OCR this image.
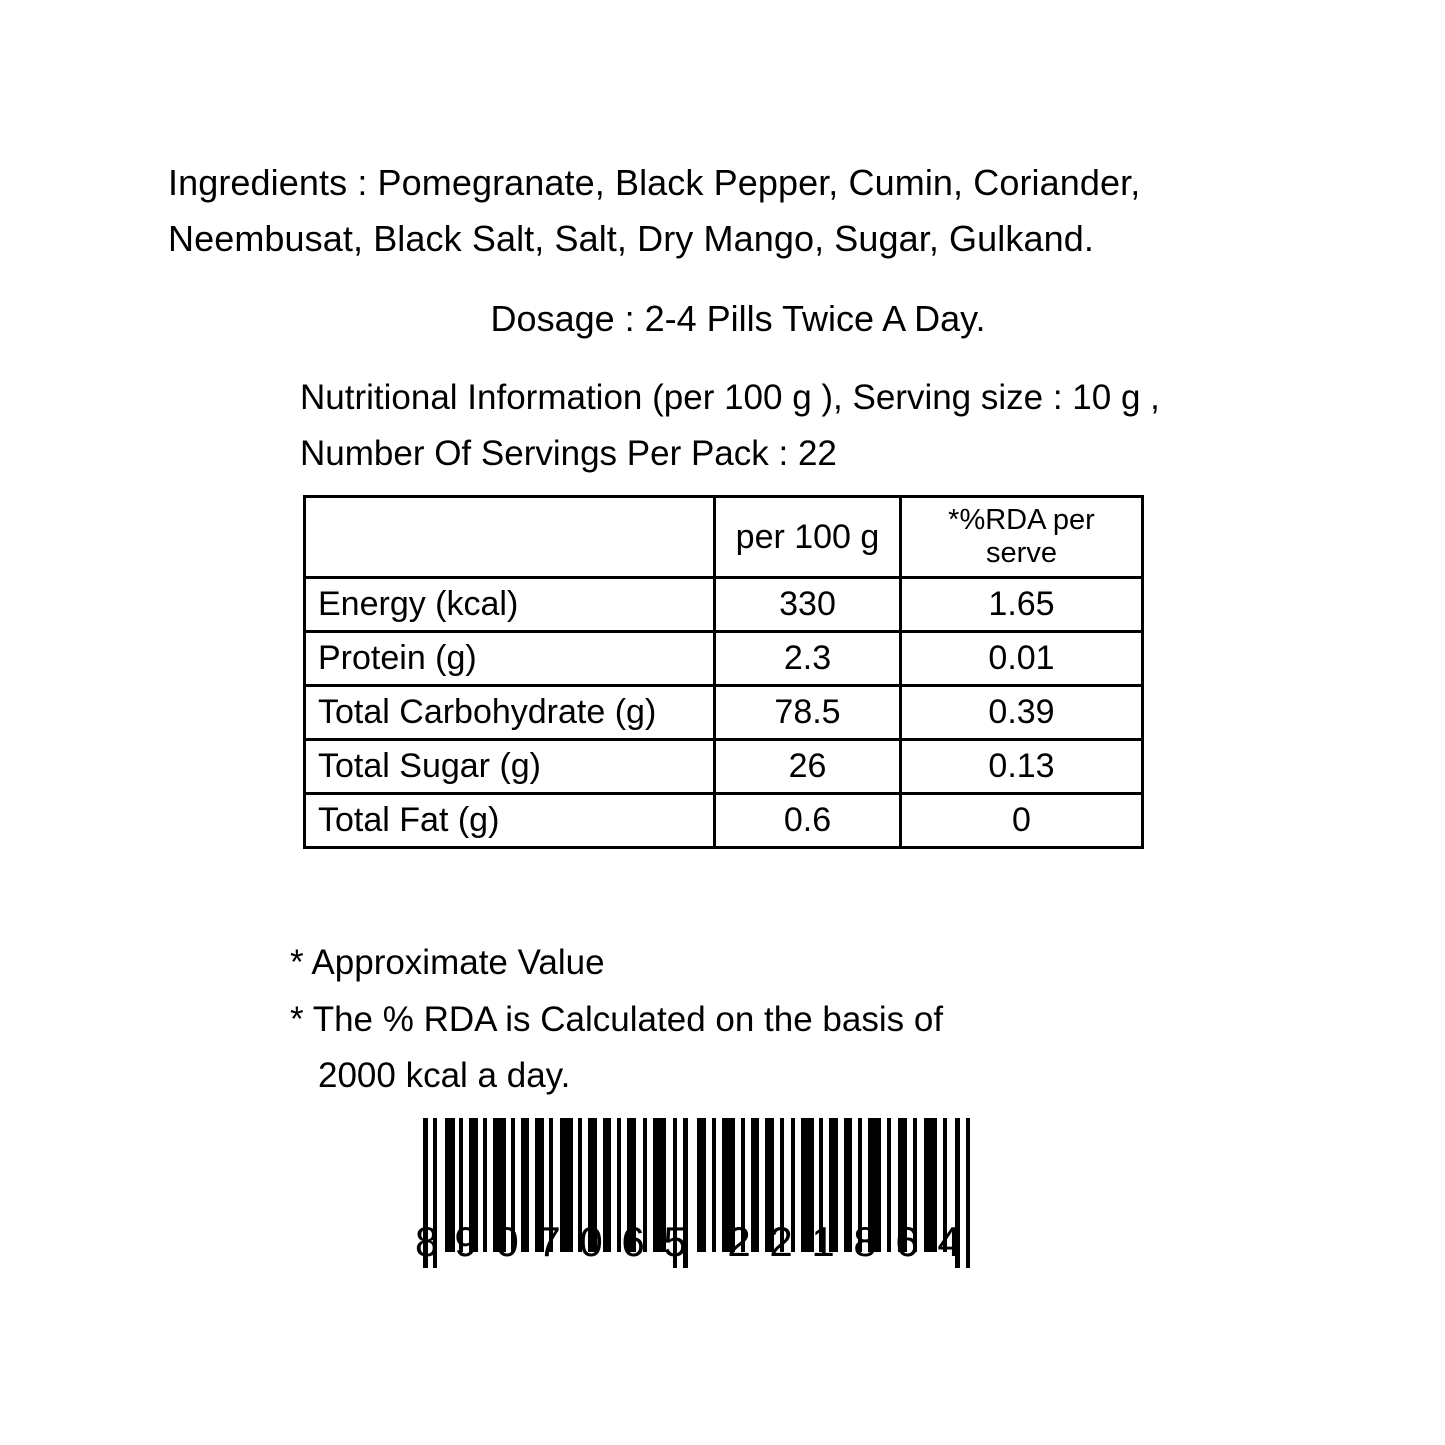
Ingredients : Pomegranate, Black Pepper, Cumin, Coriander, Neembusat, Black Salt, Salt, Dry Mango, Sugar, Gulkand.
Dosage : 2-4 Pills Twice A Day.
Nutritional Information (per 100 g ), Serving size : 10 g , Number Of Servings Per Pack : 22
	per 100 g	*%RDA per serve
Energy (kcal)	330	1.65
Protein (g)	2.3	0.01
Total Carbohydrate (g)	78.5	0.39
Total Sugar (g)	26	0.13
Total Fat (g)	0.6	0
* Approximate Value
* The % RDA is Calculated on the basis of
2000 kcal a day.
8 9 0 7 0 6 5 2 2 1 8 6 4
